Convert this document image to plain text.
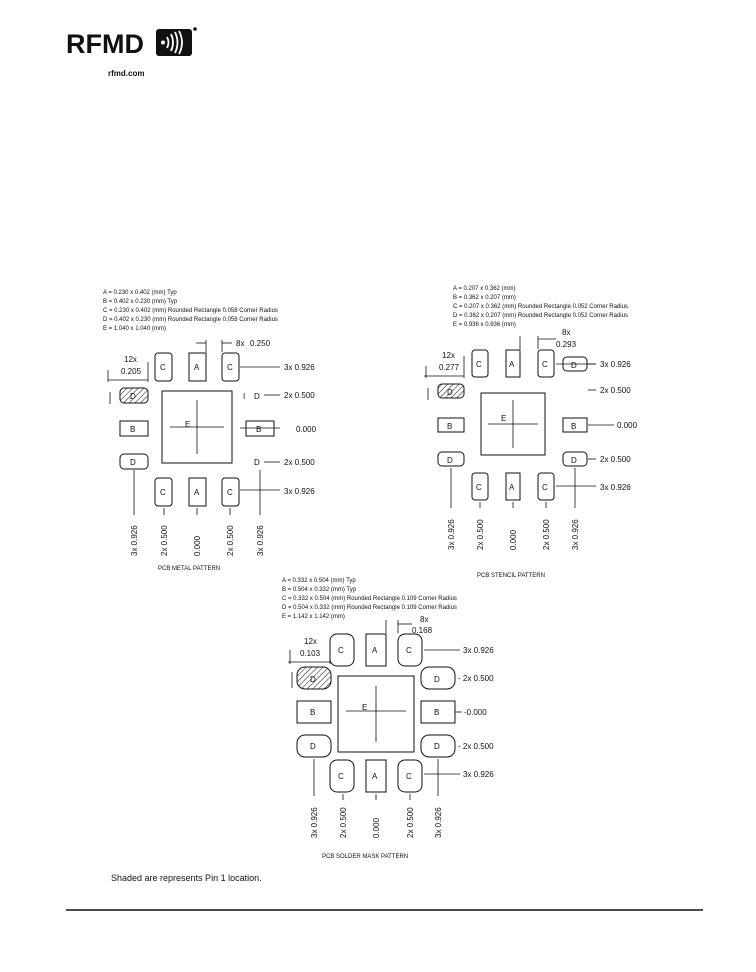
RFMD
rfmd.com
A = 0.230 x 0.402 (mm) Typ
B = 0.402 x 0.230 (mm) Typ
C = 0.230 x 0.402 (mm) Rounded Rectangle 0.058 Corner Radius
D = 0.402 x 0.230 (mm) Rounded Rectangle 0.058 Corner Radius
E = 1.040 x 1.040 (mm)
E
C	A	C
C	A	C
D
B
D
B
I D
D
3x 0.926
2x 0.500
0.000
2x 0.500
3x 0.926
8x 0.250
12x
0.205
3x 0.926	2x 0.500	0.000	2x 0.500	3x 0.926
PCB METAL PATTERN
A = 0.207 x 0.362 (mm)
B = 0.362 x 0.207 (mm)
C = 0.207 x 0.362 (mm) Rounded Rectangle 0.052 Corner Radius
D = 0.362 x 0.207 (mm) Rounded Rectangle 0.052 Corner Radius
E = 0.936 x 0.936 (mm)
E
C	A	C
C	A	C
D
B
D
D
B
D
3x 0.926
2x 0.500
0.000
2x 0.500
3x 0.926
8x
0.293
12x
0.277
3x 0.926	2x 0.500	0.000	2x 0.500	3x 0.926
PCB STENCIL PATTERN
A = 0.332 x 0.504 (mm) Typ
B = 0.504 x 0.332 (mm) Typ
C = 0.332 x 0.504 (mm) Rounded Rectangle 0.109 Corner Radius
D = 0.504 x 0.332 (mm) Rounded Rectangle 0.109 Corner Radius
E = 1.142 x 1.142 (mm)
E
C	A	C
C	A	C
D
B
D
D
B
D
3x 0.926
- 2x 0.500
-0.000
- 2x 0.500
3x 0.926
8x
0.168
12x
0.103
3x 0.926	2x 0.500	0.000	2x 0.500 3x 0.926
PCB SOLDER MASK PATTERN
Shaded are represents Pin 1 location.
